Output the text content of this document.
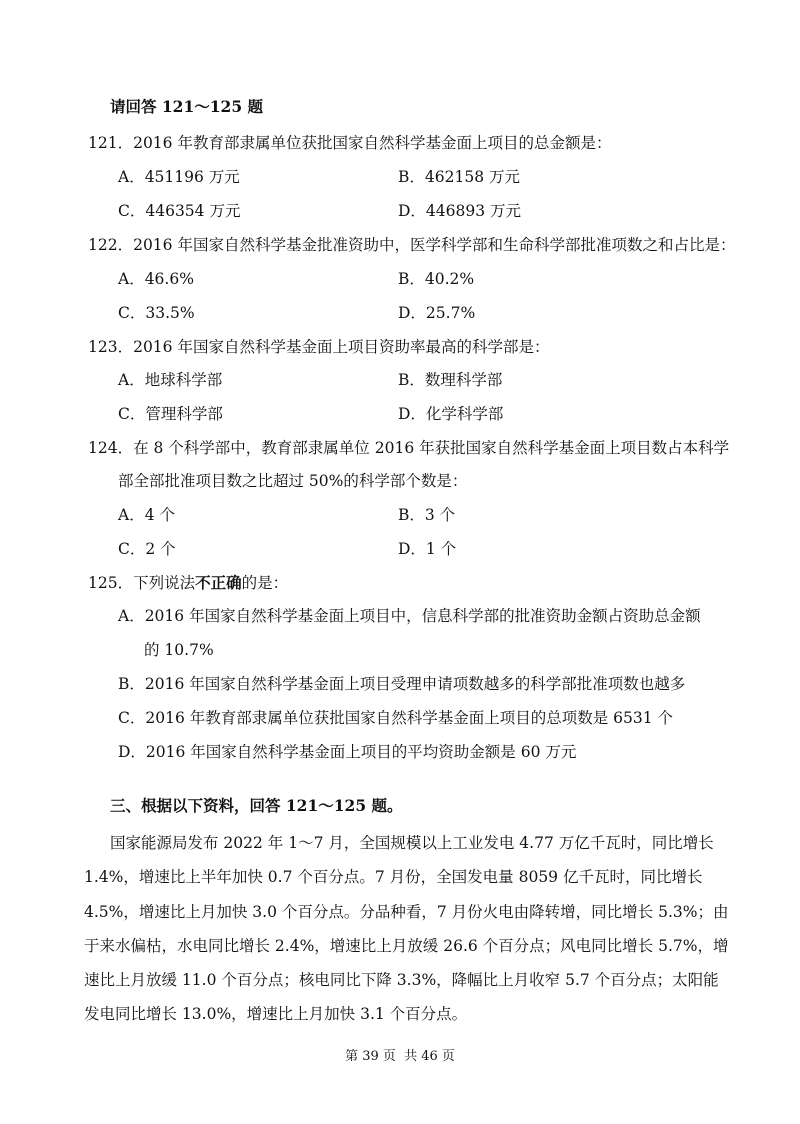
请回答 121～125 题
121．2016 年教育部隶属单位获批国家自然科学基金面上项目的总金额是：
A．451196 万元	B．462158 万元
C．446354 万元	D．446893 万元
122．2016 年国家自然科学基金批准资助中，医学科学部和生命科学部批准项数之和占比是：
A．46.6%	B．40.2%
C．33.5%	D．25.7%
123．2016 年国家自然科学基金面上项目资助率最高的科学部是：
A．地球科学部	B．数理科学部
C．管理科学部	D．化学科学部
124．在 8 个科学部中，教育部隶属单位 2016 年获批国家自然科学基金面上项目数占本科学
部全部批准项目数之比超过 50%的科学部个数是：
A．4 个	B．3 个
C．2 个	D．1 个
125．下列说法不正确的是：
A．2016 年国家自然科学基金面上项目中，信息科学部的批准资助金额占资助总金额
的 10.7%
B．2016 年国家自然科学基金面上项目受理申请项数越多的科学部批准项数也越多
C．2016 年教育部隶属单位获批国家自然科学基金面上项目的总项数是 6531 个
D．2016 年国家自然科学基金面上项目的平均资助金额是 60 万元
三、根据以下资料，回答 121～125 题。
国家能源局发布 2022 年 1～7 月，全国规模以上工业发电 4.77 万亿千瓦时，同比增长
1.4%，增速比上半年加快 0.7 个百分点。7 月份，全国发电量 8059 亿千瓦时，同比增长
4.5%，增速比上月加快 3.0 个百分点。分品种看，7 月份火电由降转增，同比增长 5.3%；由
于来水偏枯，水电同比增长 2.4%，增速比上月放缓 26.6 个百分点；风电同比增长 5.7%，增
速比上月放缓 11.0 个百分点；核电同比下降 3.3%，降幅比上月收窄 5.7 个百分点；太阳能
发电同比增长 13.0%，增速比上月加快 3.1 个百分点。
第 39 页 共 46 页
